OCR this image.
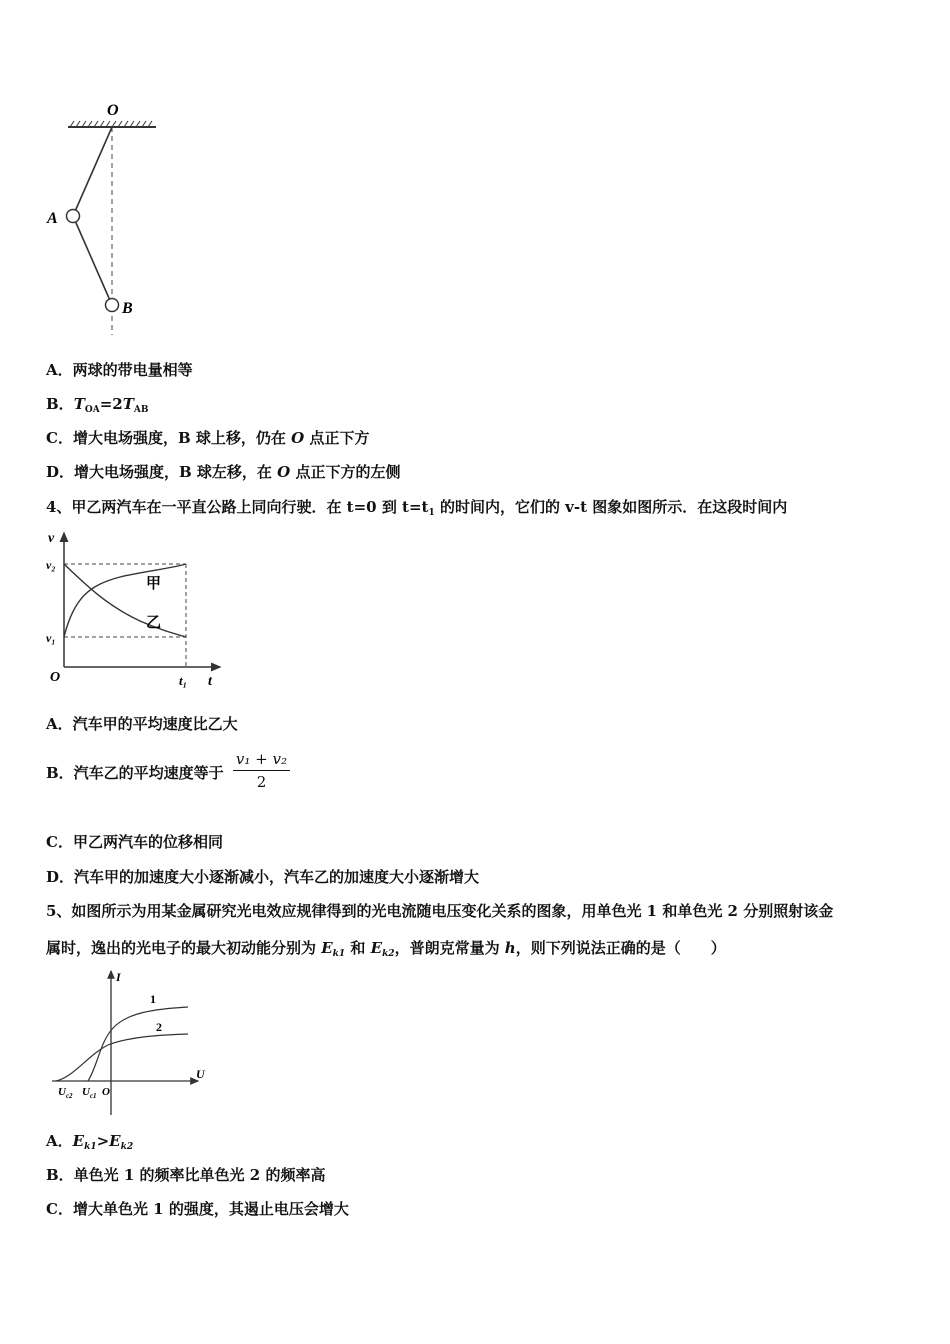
O
A
B
A．两球的带电量相等
B．$T_{OA}=2T_{AB}$
C．增大电场强度，B 球上移，仍在 O 点正下方
D．增大电场强度，B 球左移，在 O 点正下方的左侧
4、甲乙两汽车在一平直公路上同向行驶．在 t=0 到 $t=t_1$ 的时间内，它们的 v-t 图象如图所示．在这段时间内
v
v₂
v₁
O	t₁ t
甲
乙
A．汽车甲的平均速度比乙大
B．汽车乙的平均速度等于 $\frac{\text{v₁ + v₂}}{2}$
C．甲乙两汽车的位移相同
D．汽车甲的加速度大小逐渐减小，汽车乙的加速度大小逐渐增大
5、如图所示为用某金属研究光电效应规律得到的光电流随电压变化关系的图象，用单色光 1 和单色光 2 分别照射该金
属时，逸出的光电子的最大初动能分别为 $E_{k1}$ 和 $E_{k2}$，普朗克常量为 h，则下列说法正确的是（　　）
I
U
1
2
O
$U_{c2}$ $U_{c1}$
A．$E_{k1}>E_{k2}$
B．单色光 1 的频率比单色光 2 的频率高
C．增大单色光 1 的强度，其遏止电压会增大
